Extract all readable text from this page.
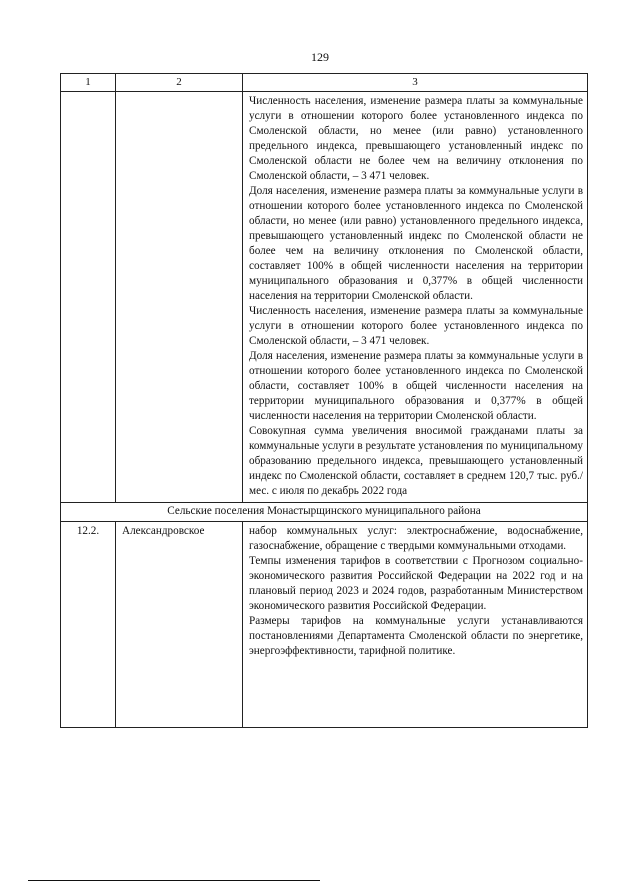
129
1	2	3

		Численность населения, изменение размера платы за коммунальные услуги в отношении которого более установленного индекса по Смоленской области, но менее (или равно) установленного предельного индекса, превышающего установленный индекс по Смоленской области не более чем на величину отклонения по Смоленской области, – 3 471 человек.

Доля населения, изменение размера платы за коммунальные услуги в отношении которого более установленного индекса по Смоленской области, но менее (или равно) установленного предельного индекса, превышающего установленный индекс по Смоленской области не более чем на величину отклонения по Смоленской области, составляет 100% в общей численности населения на территории муниципального образования и 0,377% в общей численности населения на территории Смоленской области.

Численность населения, изменение размера платы за коммунальные услуги в отношении которого более установленного индекса по Смоленской области, – 3 471 человек.

Доля населения, изменение размера платы за коммунальные услуги в отношении которого более установленного индекса по Смоленской области, составляет 100% в общей численности населения на территории муниципального образования и 0,377% в общей численности населения на территории Смоленской области.

Совокупная сумма увеличения вносимой гражданами платы за коммунальные услуги в результате установления по муниципальному образованию предельного индекса, превышающего установленный индекс по Смоленской области, составляет в среднем 120,7 тыс. руб./мес. с июля по декабрь 2022 года

Сельские поселения Монастырщинского муниципального района		
12.2.	Александровское	набор коммунальных услуг: электроснабжение, водоснабжение, газоснабжение, обращение с твердыми коммунальными отходами.

Темпы изменения тарифов в соответствии с Прогнозом социально-экономического развития Российской Федерации на 2022 год и на плановый период 2023 и 2024 годов, разработанным Министерством экономического развития Российской Федерации.

Размеры тарифов на коммунальные услуги устанавливаются постановлениями Департамента Смоленской области по энергетике, энергоэффективности, тарифной политике.
